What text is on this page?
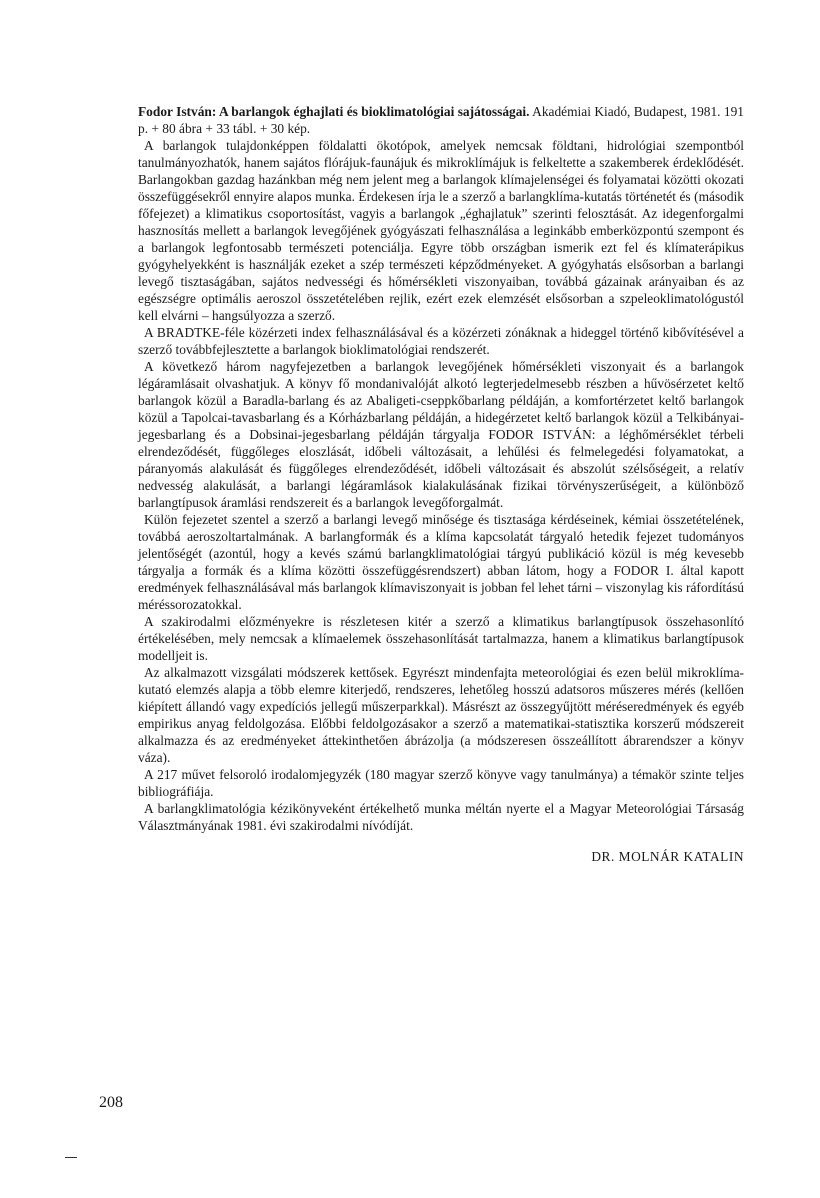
Fodor István: A barlangok éghajlati és bioklimatológiai sajátosságai. Akadémiai Kiadó, Budapest, 1981. 191 p. + 80 ábra + 33 tábl. + 30 kép.

A barlangok tulajdonképpen földalatti ökotópok, amelyek nemcsak földtani, hidrológiai szempontból tanulmányozhatók, hanem sajátos flórájuk-faunájuk és mikroklímájuk is felkeltette a szakemberek érdeklődését. Barlangokban gazdag hazánkban még nem jelent meg a barlangok klímajelenségei és folyamatai közötti okozati összefüggésekről ennyire alapos munka. Érdekesen írja le a szerző a barlangklíma-kutatás történetét és (második főfejezet) a klimatikus csoportosítást, vagyis a barlangok „éghajlatuk” szerinti felosztását. Az idegenforgalmi hasznosítás mellett a barlangok levegőjének gyógyászati felhasználása a leginkább emberközpontú szempont és a barlangok legfontosabb természeti potenciálja. Egyre több országban ismerik ezt fel és klímaterápikus gyógyhelyekként is használják ezeket a szép természeti képződményeket. A gyógyhatás elsősorban a barlangi levegő tisztaságában, sajátos nedvességi és hőmérsékleti viszonyaiban, továbbá gázainak arányaiban és az egészségre optimális aeroszol összetételében rejlik, ezért ezek elemzését elsősorban a szpeleoklimatológustól kell elvárni – hangsúlyozza a szerző.

A BRADTKE-féle közérzeti index felhasználásával és a közérzeti zónáknak a hideggel történő kibővítésével a szerző továbbfejlesztette a barlangok bioklimatológiai rendszerét.

A következő három nagyfejezetben a barlangok levegőjének hőmérsékleti viszonyait és a barlangok légáramlásait olvashatjuk. A könyv fő mondanivalóját alkotó legterjedelmesebb részben a hűvösérzetet keltő barlangok közül a Baradla-barlang és az Abaligeti-cseppkőbarlang példáján, a komfortérzetet keltő barlangok közül a Tapolcai-tavasbarlang és a Kórházbarlang példáján, a hidegérzetet keltő barlangok közül a Telkibányai-jegesbarlang és a Dobsinai-jegesbarlang példáján tárgyalja FODOR ISTVÁN: a léghőmérséklet térbeli elrendeződését, függőleges eloszlását, időbeli változásait, a lehűlési és felmelegedési folyamatokat, a páranyomás alakulását és függőleges elrendeződését, időbeli változásait és abszolút szélsőségeit, a relatív nedvesség alakulását, a barlangi légáramlások kialakulásának fizikai törvényszerűségeit, a különböző barlangtípusok áramlási rendszereit és a barlangok levegőforgalmát.

Külön fejezetet szentel a szerző a barlangi levegő minősége és tisztasága kérdéseinek, kémiai összetételének, továbbá aeroszoltartalmának. A barlangformák és a klíma kapcsolatát tárgyaló hetedik fejezet tudományos jelentőségét (azontúl, hogy a kevés számú barlangklimatológiai tárgyú publikáció közül is még kevesebb tárgyalja a formák és a klíma közötti összefüggésrendszert) abban látom, hogy a FODOR I. által kapott eredmények felhasználásával más barlangok klímaviszonyait is jobban fel lehet tárni – viszonylag kis ráfordítású méréssorozatokkal.

A szakirodalmi előzményekre is részletesen kitér a szerző a klimatikus barlangtípusok összehasonlító értékelésében, mely nemcsak a klímaelemek összehasonlítását tartalmazza, hanem a klimatikus barlangtípusok modelljeit is.

Az alkalmazott vizsgálati módszerek kettősek. Egyrészt mindenfajta meteorológiai és ezen belül mikroklíma-kutató elemzés alapja a több elemre kiterjedő, rendszeres, lehetőleg hosszú adatsoros műszeres mérés (kellően kiépített állandó vagy expedíciós jellegű műszerparkkal). Másrészt az összegyűjtött méréseredmények és egyéb empirikus anyag feldolgozása. Előbbi feldolgozásakor a szerző a matematikai-statisztika korszerű módszereit alkalmazza és az eredményeket áttekinthetően ábrázolja (a módszeresen összeállított ábrarendszer a könyv váza).

A 217 művet felsoroló irodalomjegyzék (180 magyar szerző könyve vagy tanulmánya) a témakör szinte teljes bibliográfiája.

A barlangklimatológia kézikönyveként értékelhető munka méltán nyerte el a Magyar Meteorológiai Társaság Választmányának 1981. évi szakirodalmi nívódíját.

DR. MOLNÁR KATALIN

208
